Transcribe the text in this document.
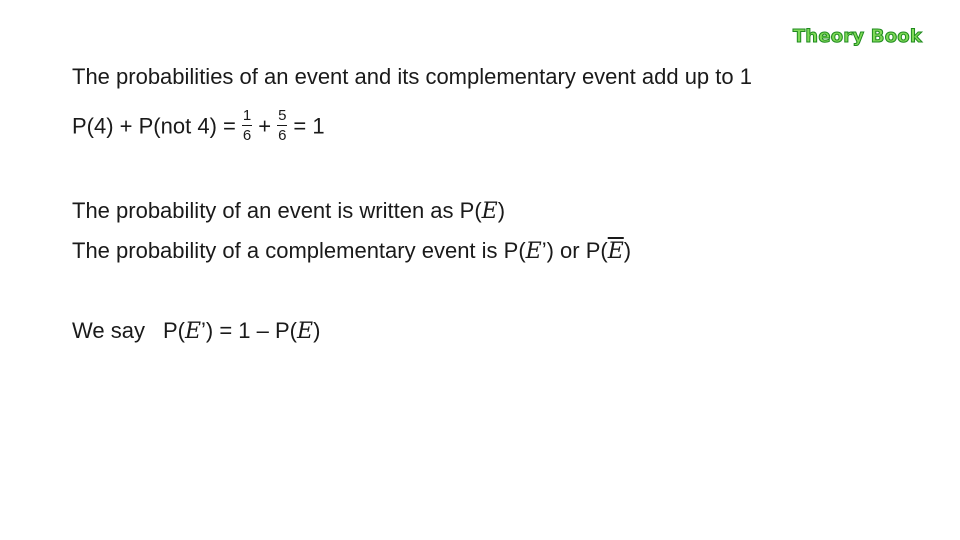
Theory Book
The probabilities of an event and its complementary event add up to 1
P(4) + P(not $4) = \frac{1}{6} + \frac{5}{6} = 1$
The probability of an event is written as P(E)
The probability of a complementary event is P(E’) or $P(\overline{E})$
We say P(E’) = 1 – P(E)
